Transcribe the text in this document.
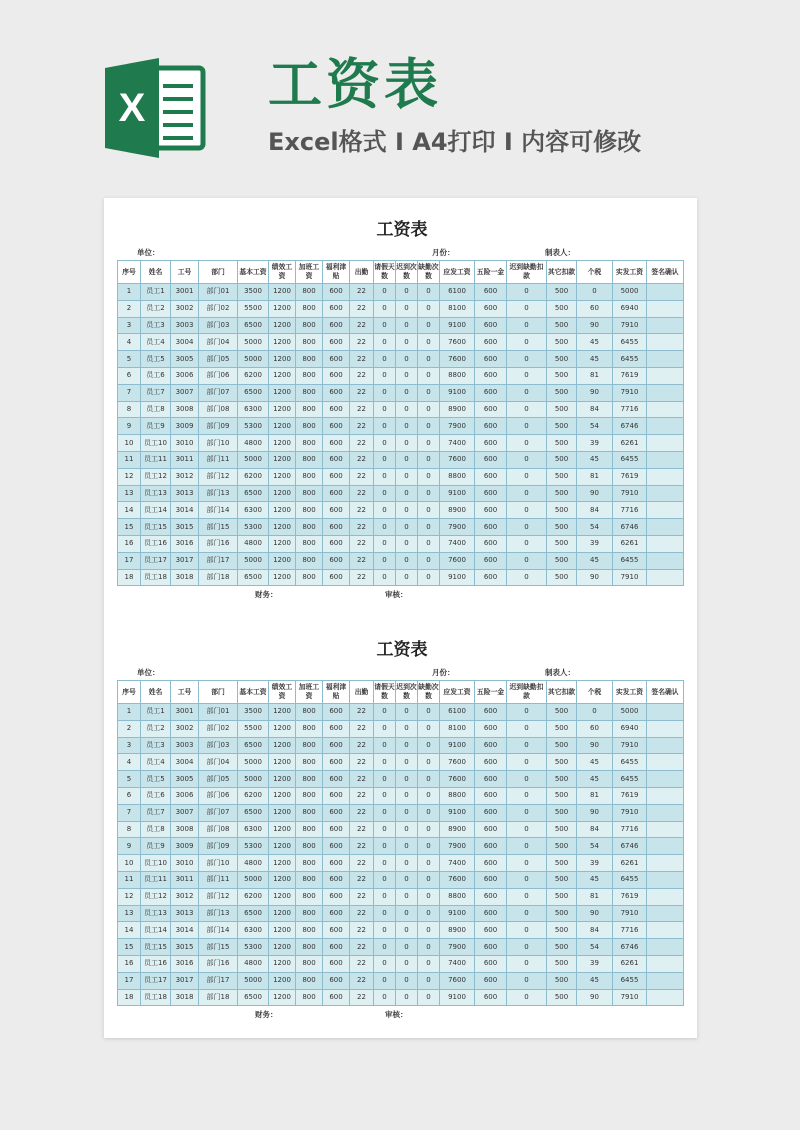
X 工资表
Excel格式 I A4打印 I 内容可修改
工资表
单位：	月份：	制表人：
序号	姓名	工号	部门	基本工资	绩效工资	加班工资	福利津贴	出勤	请假天数	迟到次数	缺勤次数	应发工资	五险一金	迟到缺勤扣款	其它扣款	个税	实发工资	签名确认
1	员工1	3001	部门01	3500	1200	800	600	22	0	0	0	6100	600	0	500	0	5000	
2	员工2	3002	部门02	5500	1200	800	600	22	0	0	0	8100	600	0	500	60	6940	
3	员工3	3003	部门03	6500	1200	800	600	22	0	0	0	9100	600	0	500	90	7910	
4	员工4	3004	部门04	5000	1200	800	600	22	0	0	0	7600	600	0	500	45	6455	
5	员工5	3005	部门05	5000	1200	800	600	22	0	0	0	7600	600	0	500	45	6455	
6	员工6	3006	部门06	6200	1200	800	600	22	0	0	0	8800	600	0	500	81	7619	
7	员工7	3007	部门07	6500	1200	800	600	22	0	0	0	9100	600	0	500	90	7910	
8	员工8	3008	部门08	6300	1200	800	600	22	0	0	0	8900	600	0	500	84	7716	
9	员工9	3009	部门09	5300	1200	800	600	22	0	0	0	7900	600	0	500	54	6746	
10	员工10	3010	部门10	4800	1200	800	600	22	0	0	0	7400	600	0	500	39	6261	
11	员工11	3011	部门11	5000	1200	800	600	22	0	0	0	7600	600	0	500	45	6455	
12	员工12	3012	部门12	6200	1200	800	600	22	0	0	0	8800	600	0	500	81	7619	
13	员工13	3013	部门13	6500	1200	800	600	22	0	0	0	9100	600	0	500	90	7910	
14	员工14	3014	部门14	6300	1200	800	600	22	0	0	0	8900	600	0	500	84	7716	
15	员工15	3015	部门15	5300	1200	800	600	22	0	0	0	7900	600	0	500	54	6746	
16	员工16	3016	部门16	4800	1200	800	600	22	0	0	0	7400	600	0	500	39	6261	
17	员工17	3017	部门17	5000	1200	800	600	22	0	0	0	7600	600	0	500	45	6455	
18	员工18	3018	部门18	6500	1200	800	600	22	0	0	0	9100	600	0	500	90	7910	
财务：	审核：
工资表
单位：	月份：	制表人：
序号	姓名	工号	部门	基本工资	绩效工资	加班工资	福利津贴	出勤	请假天数	迟到次数	缺勤次数	应发工资	五险一金	迟到缺勤扣款	其它扣款	个税	实发工资	签名确认
1	员工1	3001	部门01	3500	1200	800	600	22	0	0	0	6100	600	0	500	0	5000	
2	员工2	3002	部门02	5500	1200	800	600	22	0	0	0	8100	600	0	500	60	6940	
3	员工3	3003	部门03	6500	1200	800	600	22	0	0	0	9100	600	0	500	90	7910	
4	员工4	3004	部门04	5000	1200	800	600	22	0	0	0	7600	600	0	500	45	6455	
5	员工5	3005	部门05	5000	1200	800	600	22	0	0	0	7600	600	0	500	45	6455	
6	员工6	3006	部门06	6200	1200	800	600	22	0	0	0	8800	600	0	500	81	7619	
7	员工7	3007	部门07	6500	1200	800	600	22	0	0	0	9100	600	0	500	90	7910	
8	员工8	3008	部门08	6300	1200	800	600	22	0	0	0	8900	600	0	500	84	7716	
9	员工9	3009	部门09	5300	1200	800	600	22	0	0	0	7900	600	0	500	54	6746	
10	员工10	3010	部门10	4800	1200	800	600	22	0	0	0	7400	600	0	500	39	6261	
11	员工11	3011	部门11	5000	1200	800	600	22	0	0	0	7600	600	0	500	45	6455	
12	员工12	3012	部门12	6200	1200	800	600	22	0	0	0	8800	600	0	500	81	7619	
13	员工13	3013	部门13	6500	1200	800	600	22	0	0	0	9100	600	0	500	90	7910	
14	员工14	3014	部门14	6300	1200	800	600	22	0	0	0	8900	600	0	500	84	7716	
15	员工15	3015	部门15	5300	1200	800	600	22	0	0	0	7900	600	0	500	54	6746	
16	员工16	3016	部门16	4800	1200	800	600	22	0	0	0	7400	600	0	500	39	6261	
17	员工17	3017	部门17	5000	1200	800	600	22	0	0	0	7600	600	0	500	45	6455	
18	员工18	3018	部门18	6500	1200	800	600	22	0	0	0	9100	600	0	500	90	7910	
财务：	审核：
